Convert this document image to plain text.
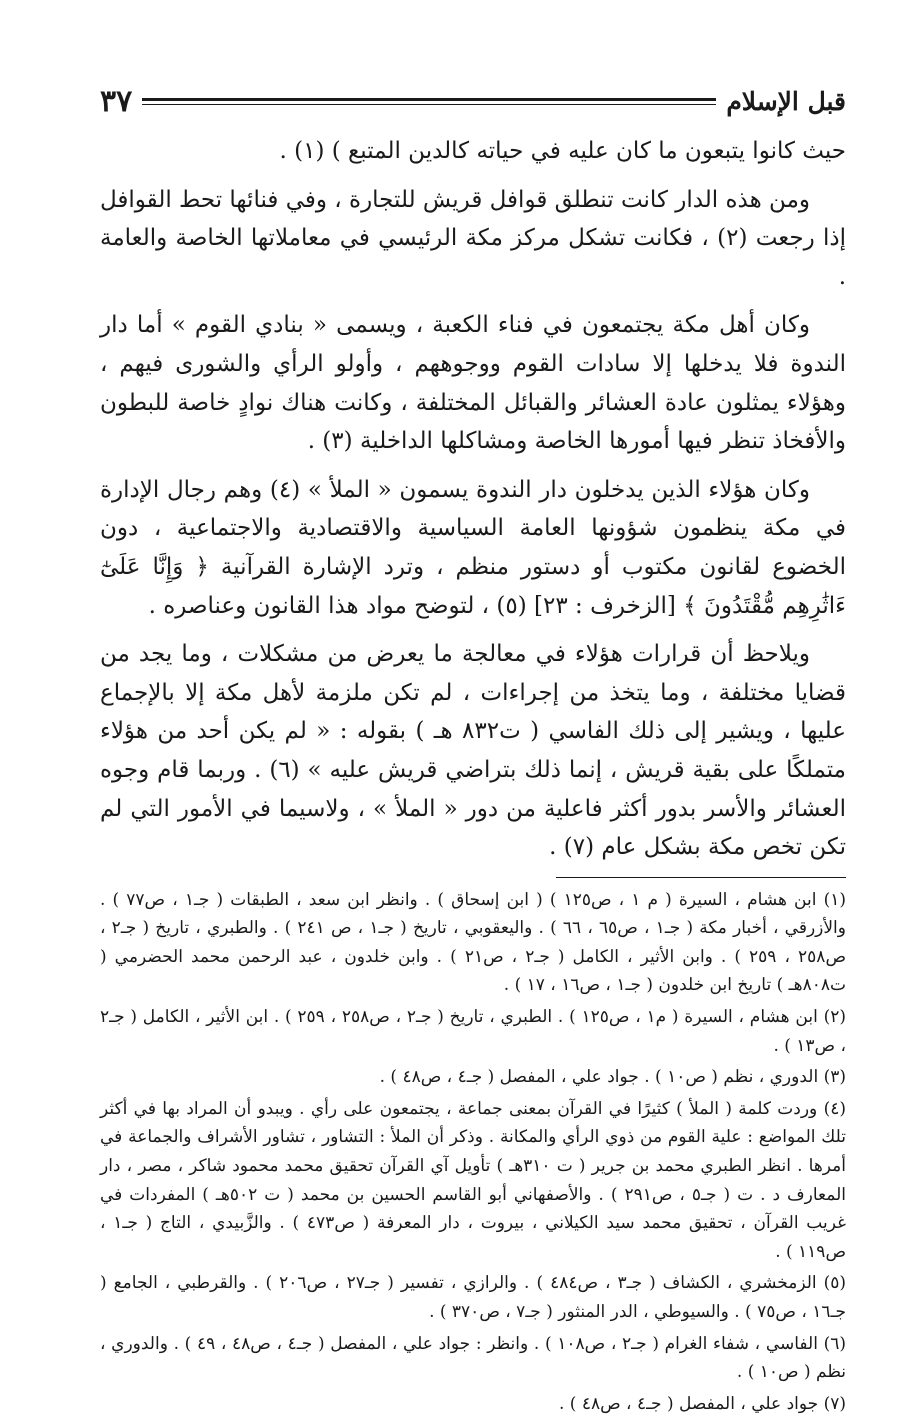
قبل الإسلام
٣٧

حيث كانوا يتبعون ما كان عليه في حياته كالدين المتبع ) (١) .

ومن هذه الدار كانت تنطلق قوافل قريش للتجارة ، وفي فنائها تحط القوافل إذا رجعت (٢) ، فكانت تشكل مركز مكة الرئيسي في معاملاتها الخاصة والعامة .

وكان أهل مكة يجتمعون في فناء الكعبة ، ويسمى « بنادي القوم » أما دار الندوة فلا يدخلها إلا سادات القوم ووجوههم ، وأولو الرأي والشورى فيهم ، وهؤلاء يمثلون عادة العشائر والقبائل المختلفة ، وكانت هناك نوادٍ خاصة للبطون والأفخاذ تنظر فيها أمورها الخاصة ومشاكلها الداخلية (٣) .

وكان هؤلاء الذين يدخلون دار الندوة يسمون « الملأ » (٤) وهم رجال الإدارة في مكة ينظمون شؤونها العامة السياسية والاقتصادية والاجتماعية ، دون الخضوع لقانون مكتوب أو دستور منظم ، وترد الإشارة القرآنية ﴿ وَإِنَّا عَلَىٰٓ ءَاثَٰرِهِم مُّقْتَدُونَ ﴾ [الزخرف : ٢٣] (٥) ، لتوضح مواد هذا القانون وعناصره .

ويلاحظ أن قرارات هؤلاء في معالجة ما يعرض من مشكلات ، وما يجد من قضايا مختلفة ، وما يتخذ من إجراءات ، لم تكن ملزمة لأهل مكة إلا بالإجماع عليها ، ويشير إلى ذلك الفاسي ( ت٨٣٢ هـ ) بقوله : « لم يكن أحد من هؤلاء متملكًا على بقية قريش ، إنما ذلك بتراضي قريش عليه » (٦) . وربما قام وجوه العشائر والأسر بدور أكثر فاعلية من دور « الملأ » ، ولاسيما في الأمور التي لم تكن تخص مكة بشكل عام (٧) .

(١) ابن هشام ، السيرة ( م ١ ، ص١٢٥ ) ( ابن إسحاق ) . وانظر ابن سعد ، الطبقات ( جـ١ ، ص٧٧ ) . والأزرقي ، أخبار مكة ( جـ١ ، ص٦٥ ، ٦٦ ) . واليعقوبي ، تاريخ ( جـ١ ، ص ٢٤١ ) . والطبري ، تاريخ ( جـ٢ ، ص٢٥٨ ، ٢٥٩ ) . وابن الأثير ، الكامل ( جـ٢ ، ص٢١ ) . وابن خلدون ، عبد الرحمن محمد الحضرمي ( ت٨٠٨هـ ) تاريخ ابن خلدون ( جـ١ ، ص١٦ ، ١٧ ) .

(٢) ابن هشام ، السيرة ( م١ ، ص١٢٥ ) . الطبري ، تاريخ ( جـ٢ ، ص٢٥٨ ، ٢٥٩ ) . ابن الأثير ، الكامل ( جـ٢ ، ص١٣ ) .

(٣) الدوري ، نظم ( ص١٠ ) . جواد علي ، المفصل ( جـ٤ ، ص٤٨ ) .

(٤) وردت كلمة ( الملأ ) كثيرًا في القرآن بمعنى جماعة ، يجتمعون على رأي . ويبدو أن المراد بها في أكثر تلك المواضع : علية القوم من ذوي الرأي والمكانة . وذكر أن الملأ : التشاور ، تشاور الأشراف والجماعة في أمرها . انظر الطبري محمد بن جرير ( ت ٣١٠هـ ) تأويل آي القرآن تحقيق محمد محمود شاكر ، مصر ، دار المعارف د . ت ( جـ٥ ، ص٢٩١ ) . والأصفهاني أبو القاسم الحسين بن محمد ( ت ٥٠٢هـ ) المفردات في غريب القرآن ، تحقيق محمد سيد الكيلاني ، بيروت ، دار المعرفة ( ص٤٧٣ ) . والزَّبيدي ، التاج ( جـ١ ، ص١١٩ ) .

(٥) الزمخشري ، الكشاف ( جـ٣ ، ص٤٨٤ ) . والرازي ، تفسير ( جـ٢٧ ، ص٢٠٦ ) . والقرطبي ، الجامع ( جـ١٦ ، ص٧٥ ) . والسيوطي ، الدر المنثور ( جـ٧ ، ص٣٧٠ ) .

(٦) الفاسي ، شفاء الغرام ( جـ٢ ، ص١٠٨ ) . وانظر : جواد علي ، المفصل ( جـ٤ ، ص٤٨ ، ٤٩ ) . والدوري ، نظم ( ص١٠ ) .

(٧) جواد علي ، المفصل ( جـ٤ ، ص٤٨ ) .
